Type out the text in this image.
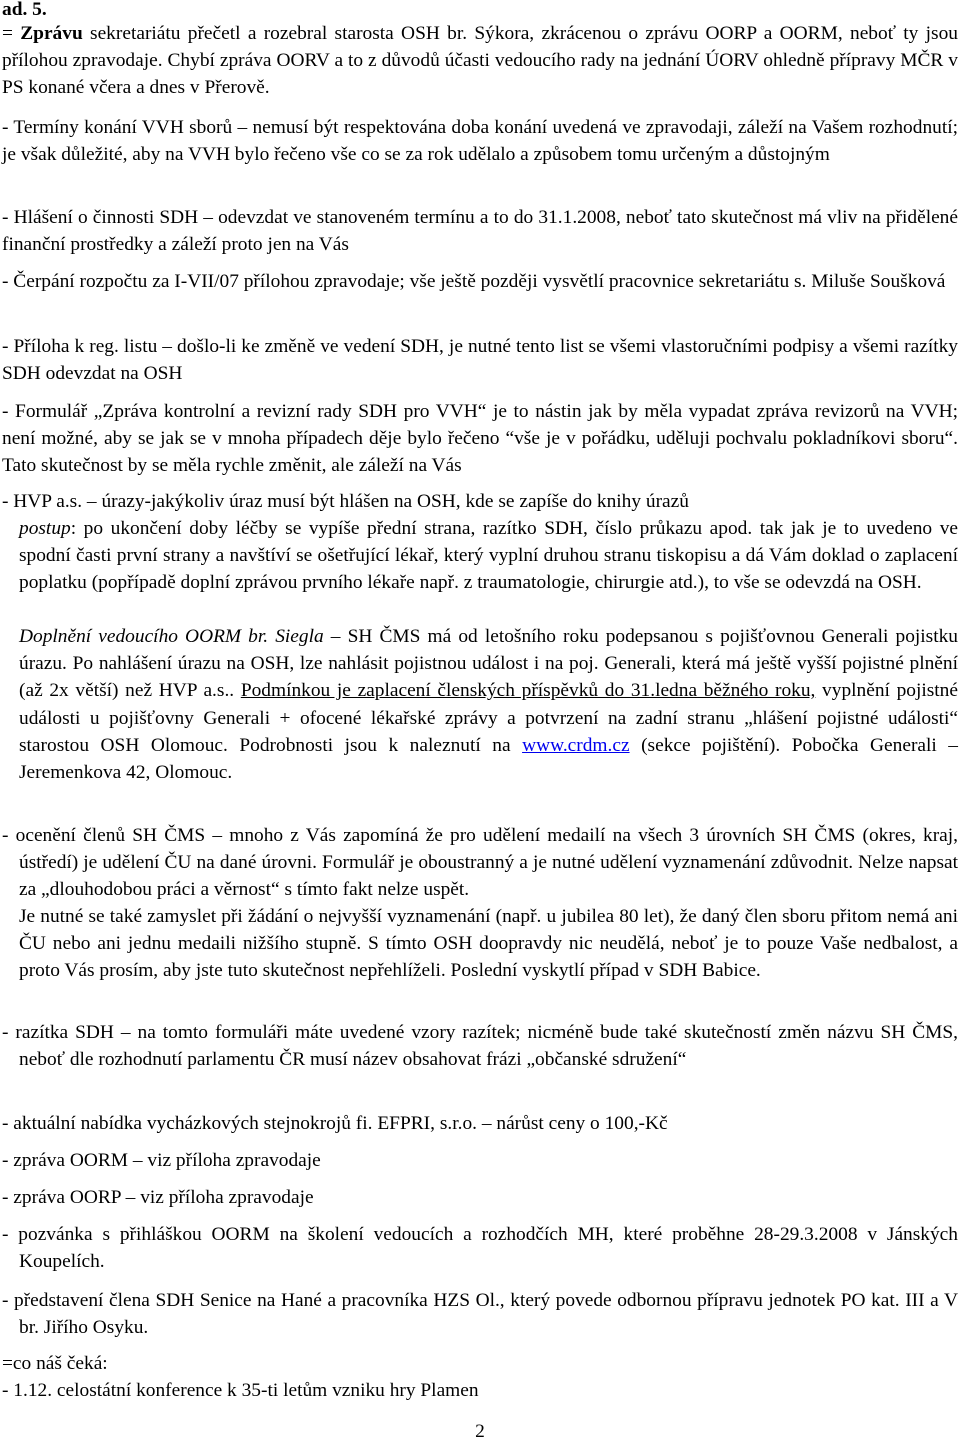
ad. 5.

= Zprávu sekretariátu přečetl a rozebral starosta OSH br. Sýkora, zkrácenou o zprávu OORP a OORM, neboť ty jsou přílohou zpravodaje. Chybí zpráva OORV a to z důvodů účasti vedoucího rady na jednání ÚORV ohledně přípravy MČR v PS konané včera a dnes v Přerově.

- Termíny konání VVH sborů – nemusí být respektována doba konání uvedená ve zpravodaji, záleží na Vašem rozhodnutí; je však důležité, aby na VVH bylo řečeno vše co se za rok udělalo a způsobem tomu určeným a důstojným

- Hlášení o činnosti SDH – odevzdat ve stanoveném termínu a to do 31.1.2008, neboť tato skutečnost má vliv na přidělené finanční prostředky a záleží proto jen na Vás

- Čerpání rozpočtu za I-VII/07 přílohou zpravodaje; vše ještě později vysvětlí pracovnice sekretariátu s. Miluše Soušková

- Příloha k reg. listu – došlo-li ke změně ve vedení SDH, je nutné tento list se všemi vlastoručními podpisy a všemi razítky SDH odevzdat na OSH

- Formulář „Zpráva kontrolní a revizní rady SDH pro VVH“ je to nástin jak by měla vypadat zpráva revizorů na VVH; není možné, aby se jak se v mnoha případech děje bylo řečeno “vše je v pořádku, uděluji pochvalu pokladníkovi sboru“. Tato skutečnost by se měla rychle změnit, ale záleží na Vás

- HVP a.s. – úrazy-jakýkoliv úraz musí být hlášen na OSH, kde se zapíše do knihy úrazů

postup: po ukončení doby léčby se vypíše přední strana, razítko SDH, číslo průkazu apod. tak jak je to uvedeno ve spodní časti první strany a navštíví se ošetřující lékař, který vyplní druhou stranu tiskopisu a dá Vám doklad o zaplacení poplatku (popřípadě doplní zprávou prvního lékaře např. z traumatologie, chirurgie atd.), to vše se odevzdá na OSH.

Doplnění vedoucího OORM br. Siegla – SH ČMS má od letošního roku podepsanou s pojišťovnou Generali pojistku úrazu. Po nahlášení úrazu na OSH, lze nahlásit pojistnou událost i na poj. Generali, která má ještě vyšší pojistné plnění (až 2x větší) než HVP a.s.. Podmínkou je zaplacení členských příspěvků do 31.ledna běžného roku, vyplnění pojistné události u pojišťovny Generali + ofocené lékařské zprávy a potvrzení na zadní stranu „hlášení pojistné události“ starostou OSH Olomouc. Podrobnosti jsou k naleznutí na www.crdm.cz (sekce pojištění). Pobočka Generali – Jeremenkova 42, Olomouc.

- ocenění členů SH ČMS – mnoho z Vás zapomíná že pro udělení medailí na všech 3 úrovních SH ČMS (okres, kraj, ústředí) je udělení ČU na dané úrovni. Formulář je oboustranný a je nutné udělení vyznamenání zdůvodnit. Nelze napsat za „dlouhodobou práci a věrnost“ s tímto fakt nelze uspět.

Je nutné se také zamyslet při žádání o nejvyšší vyznamenání (např. u jubilea 80 let), že daný člen sboru přitom nemá ani ČU nebo ani jednu medaili nižšího stupně. S tímto OSH doopravdy nic neudělá, neboť je to pouze Vaše nedbalost, a proto Vás prosím, aby jste tuto skutečnost nepřehlíželi. Poslední vyskytlí případ v SDH Babice.

- razítka SDH – na tomto formuláři máte uvedené vzory razítek; nicméně bude také skutečností změn názvu SH ČMS, neboť dle rozhodnutí parlamentu ČR musí název obsahovat frázi „občanské sdružení“

- aktuální nabídka vycházkových stejnokrojů fi. EFPRI, s.r.o. – nárůst ceny o 100,-Kč

- zpráva OORM – viz příloha zpravodaje

- zpráva OORP – viz příloha zpravodaje

- pozvánka s přihláškou OORM na školení vedoucích a rozhodčích MH, které proběhne 28-29.3.2008 v Jánských Koupelích.

- představení člena SDH Senice na Hané a pracovníka HZS Ol., který povede odbornou přípravu jednotek PO kat. III a V br. Jiřího Osyku.

=co náš čeká:

- 1.12. celostátní konference k 35-ti letům vzniku hry Plamen

2
